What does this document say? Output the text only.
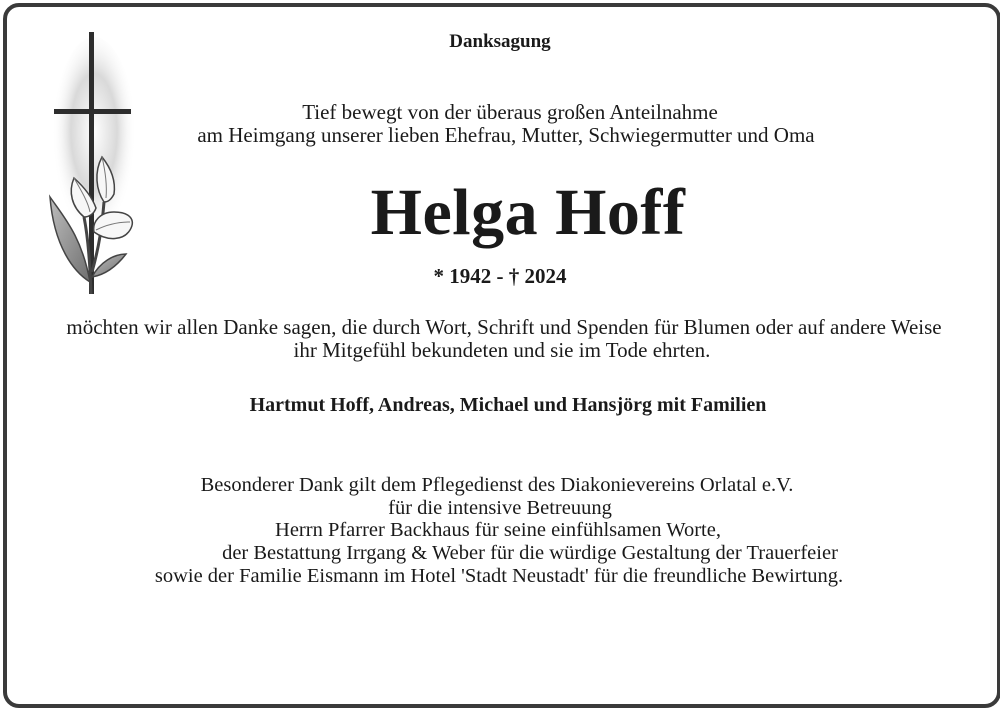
Danksagung
Tief bewegt von der überaus großen Anteilnahme
am Heimgang unserer lieben Ehefrau, Mutter, Schwiegermutter und Oma
Helga Hoff
* 1942 - † 2024
möchten wir allen Danke sagen, die durch Wort, Schrift und Spenden für Blumen oder auf andere Weise
ihr Mitgefühl bekundeten und sie im Tode ehrten.
Hartmut Hoff, Andreas, Michael und Hansjörg mit Familien
Besonderer Dank gilt dem Pflegedienst des Diakonievereins Orlatal e.V.
für die intensive Betreuung
Herrn Pfarrer Backhaus für seine einfühlsamen Worte,
der Bestattung Irrgang & Weber für die würdige Gestaltung der Trauerfeier
sowie der Familie Eismann im Hotel 'Stadt Neustadt' für die freundliche Bewirtung.
